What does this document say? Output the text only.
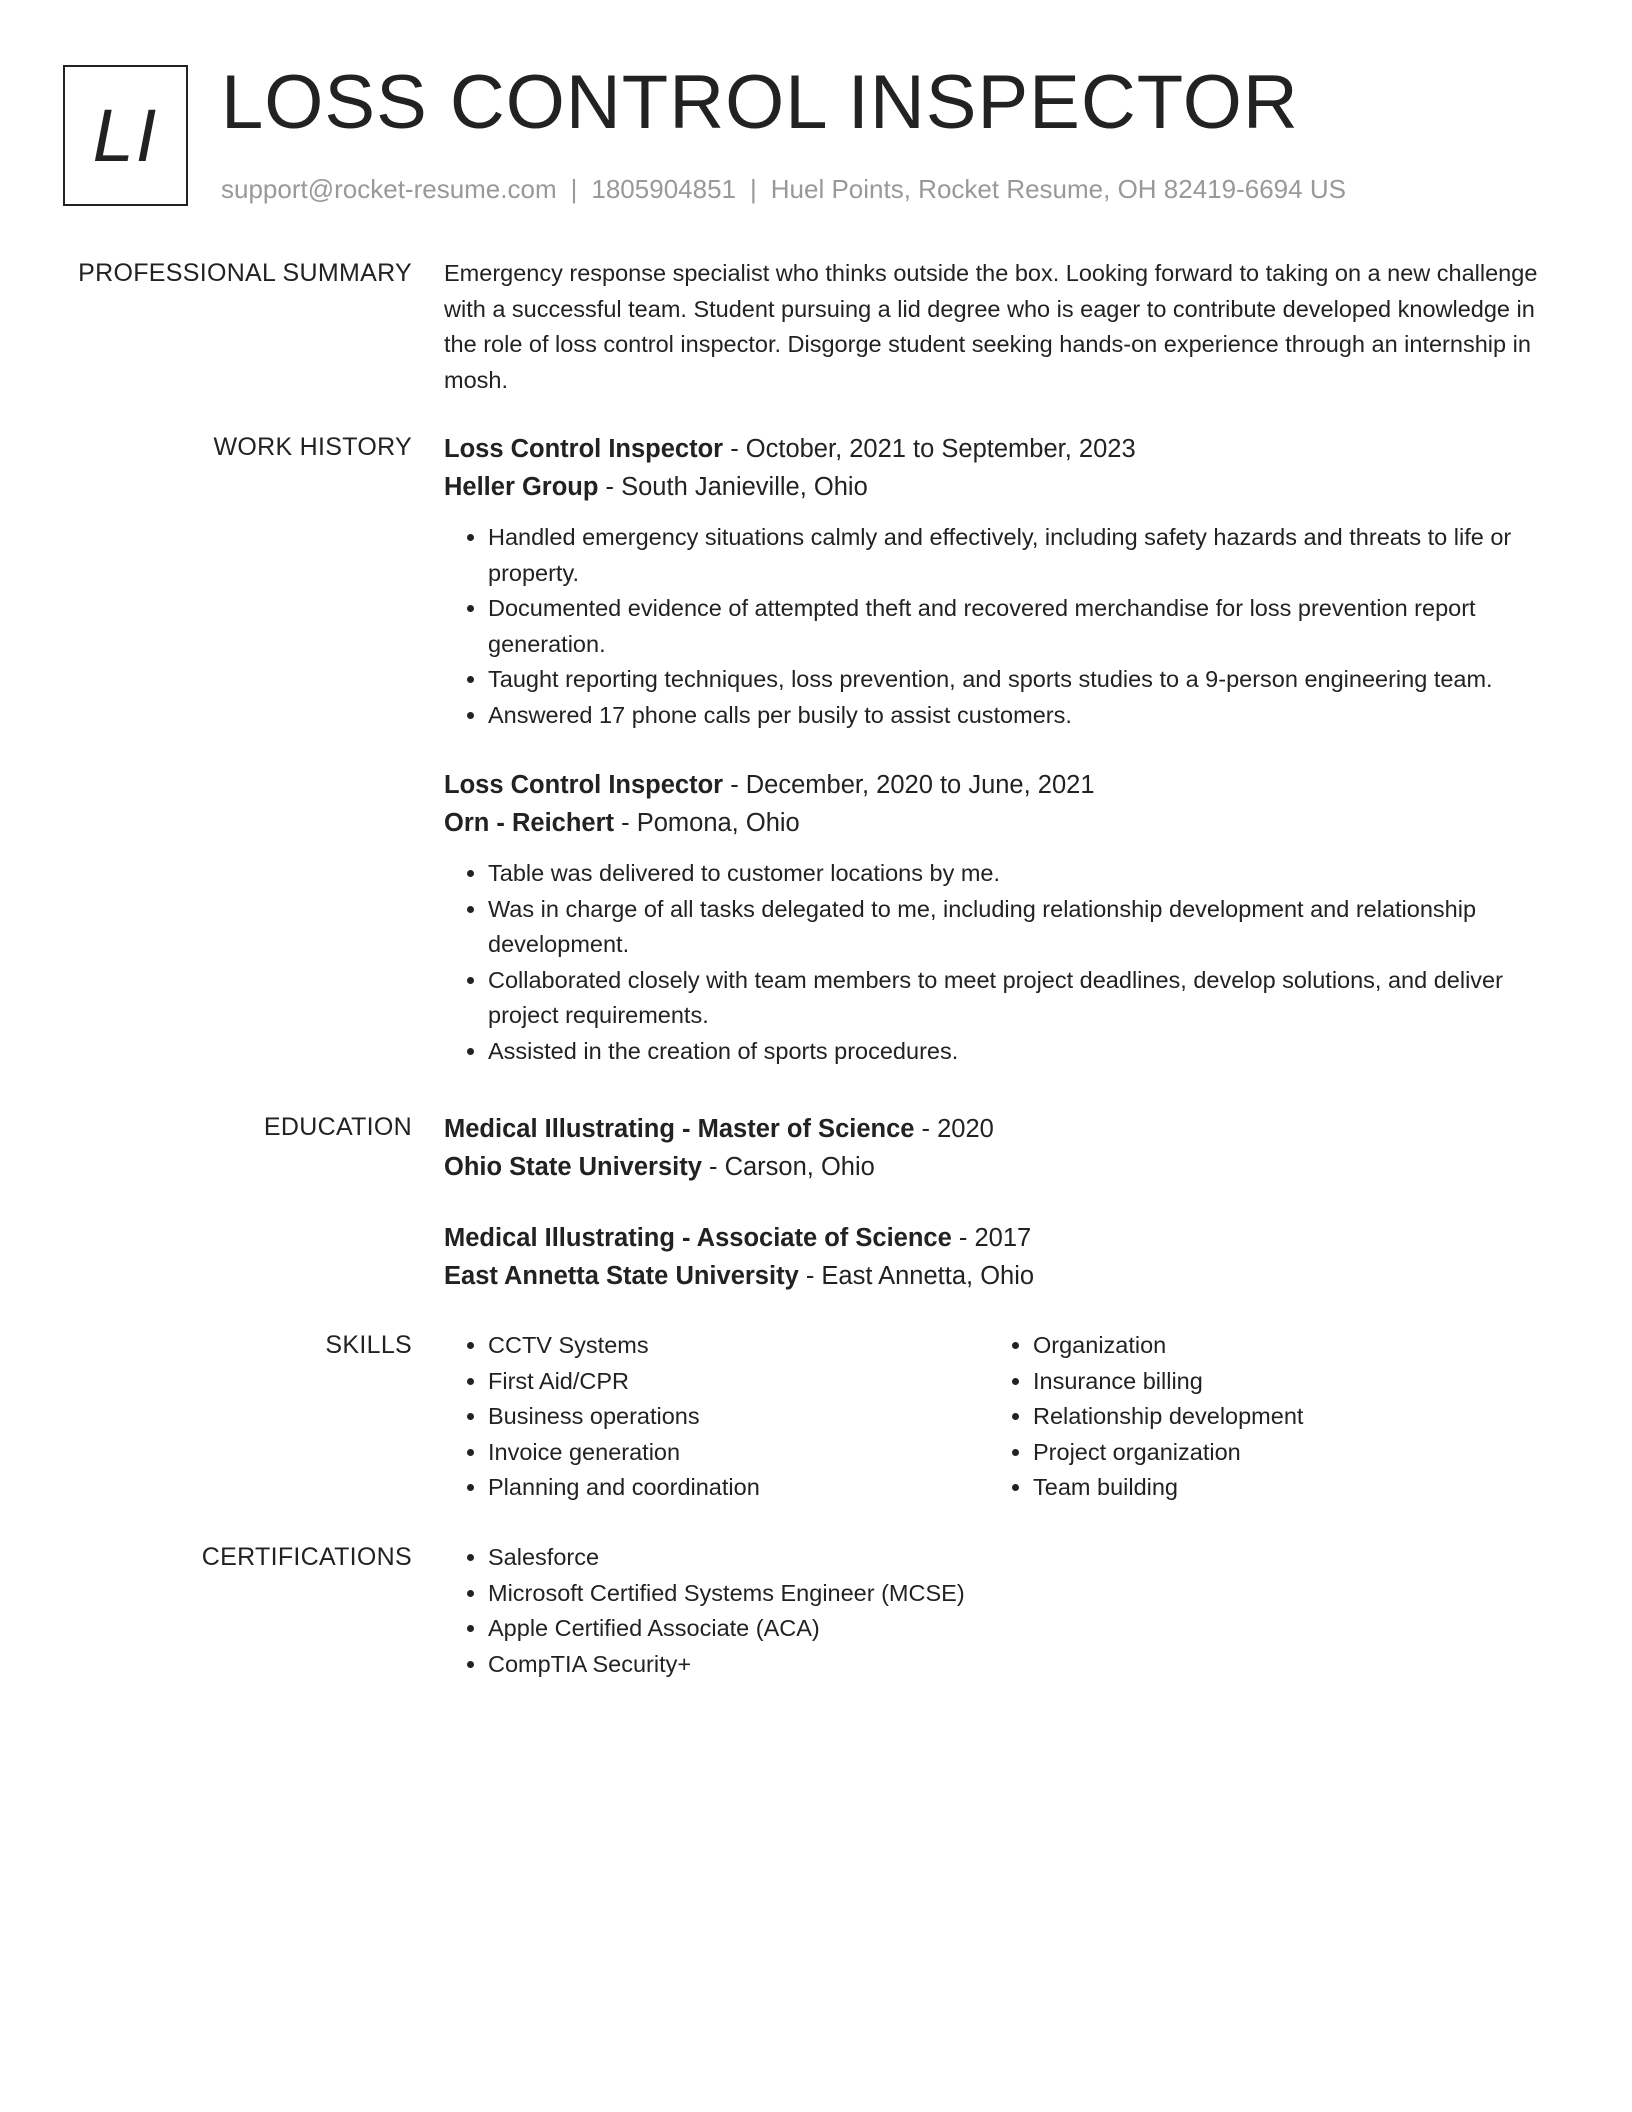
LI LOSS CONTROL INSPECTOR
support@rocket-resume.com | 1805904851 | Huel Points, Rocket Resume, OH 82419-6694 US
PROFESSIONAL SUMMARY Emergency response specialist who thinks outside the box. Looking forward to taking on a new challenge with a successful team. Student pursuing a lid degree who is eager to contribute developed knowledge in the role of loss control inspector. Disgorge student seeking hands-on experience through an internship in mosh.

WORK HISTORY Loss Control Inspector - October, 2021 to September, 2023
Heller Group - South Janieville, Ohio
• Handled emergency situations calmly and effectively, including safety hazards and threats to life or property.
• Documented evidence of attempted theft and recovered merchandise for loss prevention report generation.
• Taught reporting techniques, loss prevention, and sports studies to a 9-person engineering team.
• Answered 17 phone calls per busily to assist customers.
Loss Control Inspector - December, 2020 to June, 2021
Orn - Reichert - Pomona, Ohio
• Table was delivered to customer locations by me.
• Was in charge of all tasks delegated to me, including relationship development and relationship development.
• Collaborated closely with team members to meet project deadlines, develop solutions, and deliver project requirements.
• Assisted in the creation of sports procedures.
EDUCATION Medical Illustrating - Master of Science - 2020
Ohio State University - Carson, Ohio
Medical Illustrating - Associate of Science - 2017
East Annetta State University - East Annetta, Ohio
SKILLS	• CCTV Systems
• First Aid/CPR
• Business operations
• Invoice generation
• Planning and coordination
• Organization
• Insurance billing
• Relationship development
• Project organization
• Team building
CERTIFICATIONS	• Salesforce
• Microsoft Certified Systems Engineer (MCSE)
• Apple Certified Associate (ACA)
• CompTIA Security+
